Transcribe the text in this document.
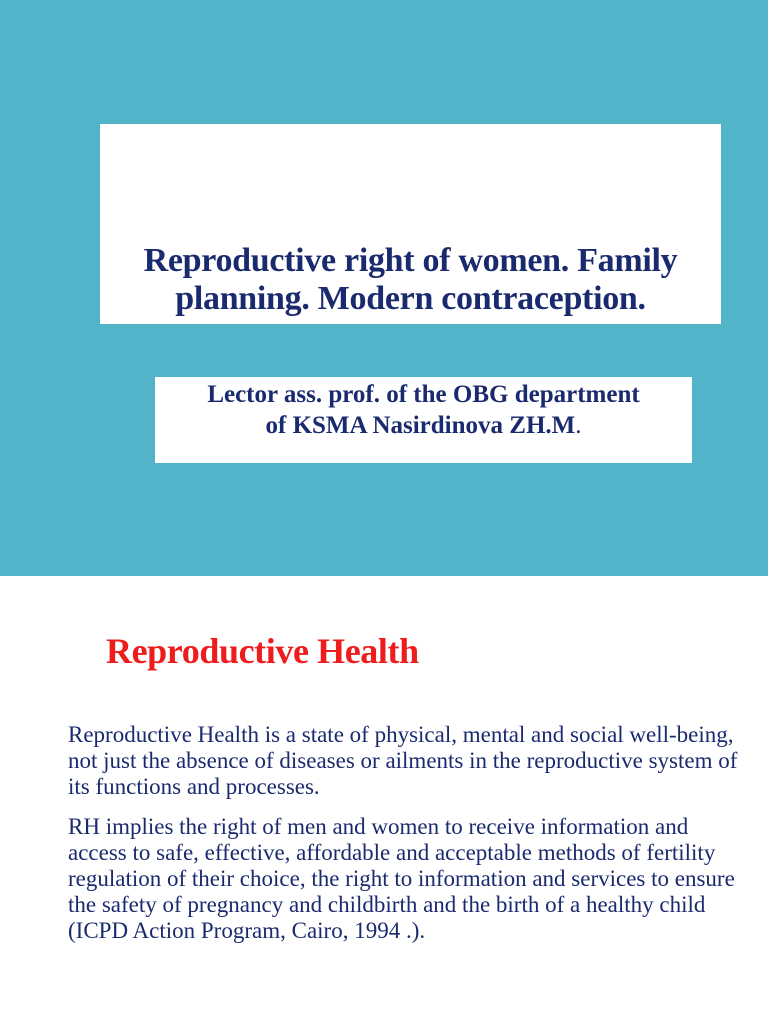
Reproductive right of women. Family planning. Modern contraception.

Lector ass. prof. of the OBG department
of KSMA Nasirdinova ZH.M.

Reproductive Health

Reproductive Health is a state of physical, mental and social well-being, not just the absence of diseases or ailments in the reproductive system of its functions and processes.

RH implies the right of men and women to receive information and access to safe, effective, affordable and acceptable methods of fertility regulation of their choice, the right to information and services to ensure the safety of pregnancy and childbirth and the birth of a healthy child (ICPD Action Program, Cairo, 1994 .).
